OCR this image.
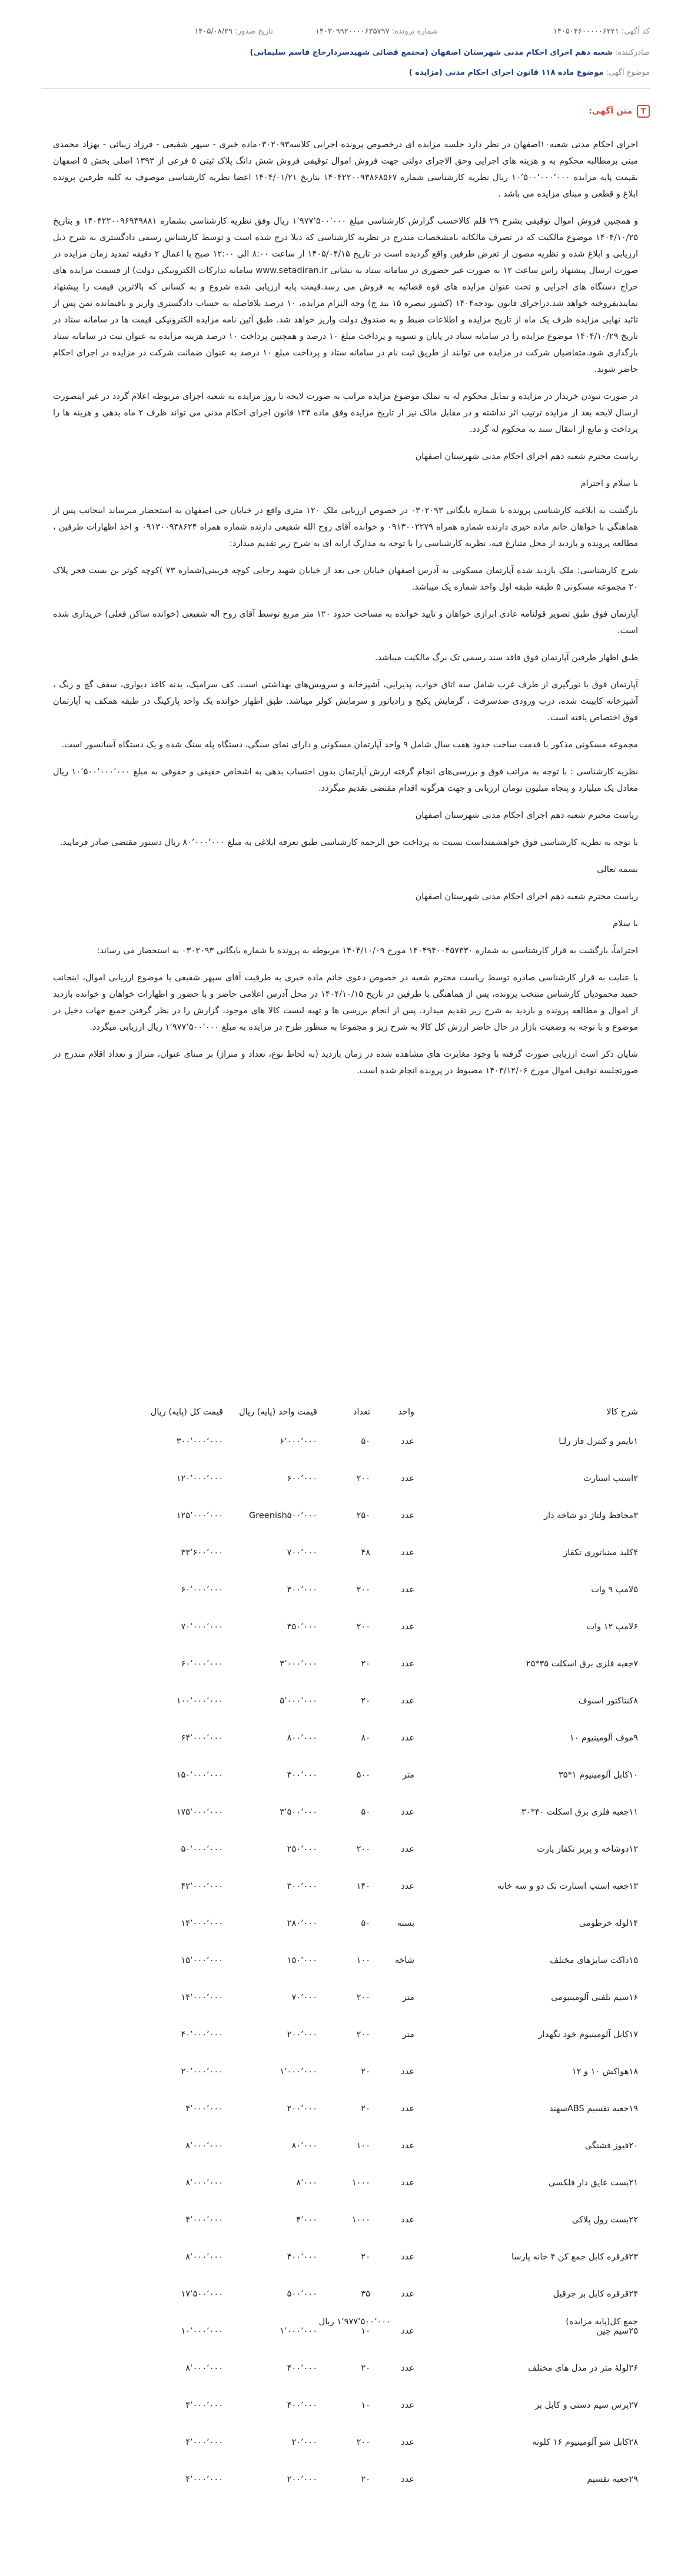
کد آگهی: ۱۴۰۵۰۴۶۰۰۰۰۰۶۲۲۱
شماره پرونده: ۱۴۰۳۰۹۹۲۰۰۰۰۶۳۵۷۹۷
تاریخ صدور: ۱۴۰۵/۰۸/۲۹
صادرکننده: شعبه دهم اجرای احکام مدنی شهرستان اصفهان (مجتمع قضائی شهیدسردارحاج قاسم سلیمانی)
موضوع آگهی: موضوع ماده ۱۱۸ قانون اجرای احکام مدنی (مزایده )
T
متن آگهی:

اجرای احکام مدنی شعبه۱۰اصفهان در نظر دارد جلسه مزایده ای درخصوص پرونده اجرایی کلاسه۰۳۰۲۰۹۳ماده خیری - سپهر شفیعی - فرزاد زیبائی - بهزاد محمدی مبنی برمطالبه محکوم به و هزینه های اجرایی وحق الاجرای دولتی جهت فروش اموال توقیفی فروش شش دانگ پلاک ثبتی ۵ فرعی از ۱۳۹۳ اصلی بخش ۵ اصفهان بقیمت پایه مزایده ۱۰٬۵۰۰٬۰۰۰٬۰۰۰ ریال نظریه کارشناسی شماره ۱۴۰۴۲۲۰۰۹۳۸۶۸۵۶۷ بتاریخ ۱۴۰۴/۰۱/۲۱ اعضا نظریه کارشناسی موصوف به کلیه طرفین پرونده ابلاغ و قطعی و مبنای مزایده می باشد .

و همچنین فروش اموال توقیفی بشرح ۲۹ قلم کالاحسب گزارش کارشناسی مبلغ ۱٬۹۷۷٬۵۰۰٬۰۰۰ ریال وفق نظریه کارشناسی بشماره ۱۴۰۴۲۲۰۰۹۶۹۴۹۸۸۱ و بتاریخ ۱۴۰۴/۱۰/۲۵ موضوع مالکیت که در تصرف مالکانه بامشخصات مندرج در نظریه کارشناسی که ذیلا درج شده است و توسط کارشناس رسمی دادگستری به شرح ذیل ارزیابی و ابلاغ شده و نظریه مصون از تعرض طرفین واقع گردیده است در تاریخ ۱۴۰۵/۰۴/۱۵ از ساعت ۸:۰۰ الی ۱۲:۰۰ صبح با اعمال ۲ دقیقه تمدید زمان مزایده در صورت ارسال پیشنهاد راس ساعت ۱۲ به صورت غیر حضوری در سامانه ستاد به نشانی www.setadiran.ir سامانه تدارکات الکترونیکی دولت) از قسمت مزایده های حراج دستگاه های اجرایی و تحت عنوان مزایده های قوه قضائیه به فروش می رسد.قیمت پایه ارزیابی شده شروع و به کسانی که بالاترین قیمت را پیشنهاد نمایندبفروخته خواهد شد.دراجرای قانون بودجه۱۴۰۴ (کشور تبصره ۱۵ بند ج) وجه التزام مزایده، ۱۰ درصد بلافاصله به حساب دادگستری واریز و باقیمانده ثمن پس از تائید نهایی مزایده ظرف یک ماه از تاریخ مزایده و اطلاعات ضبط و به صندوق دولت واریز خواهد شد. طبق آئین نامه مزایده الکترونیکی قیمت ها در سامانه ستاد در تاریخ ۱۴۰۴/۱۰/۲۹ موضوع مزایده را در سامانه ستاد در پایان و تسویه و پرداخت مبلغ ۱۰ درصد و همچنین پرداخت ۱۰ درصد هزینه مزایده به عنوان ثبت در سامانه ستاد بارگذاری شود.متقاضیان شرکت در مزایده می توانند از طریق ثبت نام در سامانه ستاد و پرداخت مبلغ ۱۰ درصد به عنوان ضمانت شرکت در مزایده در اجرای احکام حاضر شوند.

در صورت نبودن خریدار در مزایده و تمایل محکوم له به تملک موضوع مزایده مراتب به صورت لایحه تا روز مزایده به شعبه اجرای مربوطه اعلام گردد در غیر اینصورت ارسال لایحه بعد از مزایده ترتیب اثر نداشته و در مقابل مالک نیز از تاریخ مزایده وفق ماده ۱۳۴ قانون اجرای احکام مدنی می تواند ظرف ۲ ماه بدهی و هزینه ها را پرداخت و مانع از انتقال سند به محکوم له گردد.

ریاست محترم شعبه دهم اجرای احکام مدنی شهرستان اصفهان

با سلام و احترام

بازگشت به ابلاغیه کارشناسی پرونده با شماره بایگانی ۰۳۰۲۰۹۳ در خصوص ارزیابی ملک ۱۲۰ متری واقع در خیابان جی اصفهان به استحضار میرساند اینجانب پس از هماهنگی با خواهان خانم ماده خیری دارنده شماره همراه ۰۹۱۳۰۰۲۲۷۹ و خوانده آقای روح الله شفیعی دارنده شماره همراه ۰۹۱۳۰۰۹۳۸۶۲۴ و اخذ اظهارات طرفین ، مطالعه پرونده و بازدید از محل متنازع فیه، نظریه کارشناسی را با توجه به مدارک ارایه ای به شرح زیر تقدیم میدارد:

شرح کارشناسی: ملک بازدید شده آپارتمان مسکونی به آدرس اصفهان خیابان جی بعد از خیابان شهید رجایی کوچه فریبنی(شماره ۷۳ )کوچه کوثر بن بست فجر پلاک ۲۰ مجموعه مسکونی ۵ طبقه طبقه اول واحد شماره یک میباشد.

آپارتمان فوق طبق تصویر قولنامه عادی ابرازی خواهان و تایید خوانده به مساحت حدود ۱۲۰ متر مربع توسط آقای روح اله شفیعی (خوانده ساکن فعلی) خریداری شده است.

طبق اظهار طرفین آپارتمان فوق فاقد سند رسمی تک برگ مالکیت میباشد.

آپارتمان فوق با نورگیری از طرف غرب شامل سه اتاق خواب، پذیرایی، آشپزخانه و سرویس‌های بهداشتی است. کف سرامیک، بدنه کاغذ دیواری، سقف گچ و رنگ ، آشپزخانه کابینت شده، درب ورودی ضدسرقت ، گرمایش پکیج و رادیاتور و سرمایش کولر میباشد. طبق اظهار خوانده یک واحد پارکینگ در طبقه همکف به آپارتمان فوق اختصاص یافته است.

مجموعه مسکونی مذکور با قدمت ساخت حدود هفت سال شامل ۹ واحد آپارتمان مسکونی و دارای نمای سنگی، دستگاه پله سنگ شده و یک دستگاه آسانسور است.

نظریه کارشناسی : با توجه به مراتب فوق و بررسی‌های انجام گرفته ارزش آپارتمان بدون احتساب بدهی به اشخاص حقیقی و حقوقی به مبلغ ۱۰٬۵۰۰٬۰۰۰٬۰۰۰ ریال معادل یک میلیارد و پنجاه میلیون تومان ارزیابی و جهت هرگونه اقدام مقتضی تقدیم میگردد.

ریاست محترم شعبه دهم اجرای احکام مدنی شهرستان اصفهان

با توجه به نظریه کارشناسی فوق خواهشمنداست نسبت به پرداخت حق الزحمه کارشناسی طبق تعرفه ابلاغی به مبلغ ۸۰٬۰۰۰٬۰۰۰ ریال دستور مقتضی صادر فرمایید.

بسمه تعالی

ریاست محترم شعبه دهم اجرای احکام مدنی شهرستان اصفهان

با سلام

احتراماً، بازگشت به قرار کارشناسی به شماره ۱۴۰۴۹۴۰۰۴۵۷۳۳۰ مورخ ۱۴۰۴/۱۰/۰۹ مربوطه به پرونده با شماره بایگانی ۰۳۰۲۰۹۳ به استحضار می رساند:

با عنایت به قرار کارشناسی صادره توسط ریاست محترم شعبه در خصوص دعوی خانم ماده خیری به طرفیت آقای سپهر شفیعی با موضوع ارزیابی اموال، اینجانب حمید محمودیان کارشناس منتخب پرونده، پس از هماهنگی با طرفین در تاریخ ۱۴۰۴/۱۰/۱۵ در محل آدرس اعلامی حاضر و با حضور و اظهارات خواهان و خوانده بازدید از اموال و مطالعه پرونده و بازدید به شرح زیر تقدیم میدارد. پس از انجام بررسی ها و تهیه لیست کالا های موجود، گزارش را در نظر گرفتن جمیع جهات دخیل در موضوع و با توجه به وضعیت بازار در حال حاضر ارزش کل کالا به شرح زیر و مجموعا به منظور طرح در مزایده به مبلغ ۱٬۹۷۷٬۵۰۰٬۰۰۰ ریال ارزیابی میگردد.

شایان ذکر است ارزیابی صورت گرفته با وجود مغایرت های مشاهده شده در زمان بازدید (به لحاظ نوع، تعداد و متراژ) بر مبنای عنوان، متراژ و تعداد اقلام مندرج در صورتجلسه توقیف اموال مورخ ۱۴۰۳/۱۲/۰۶ مضبوط در پرونده انجام شده است.

شرح کالا
واحد
تعداد
قیمت واحد (پایه) ریال
قیمت کل (پایه) ریال
۱تایمر و کنترل فاز رلـا
عدد
۵۰
۶٬۰۰۰٬۰۰۰
۳۰۰٬۰۰۰٬۰۰۰
۲استپ استارت
عدد
۲۰۰
۶۰۰٬۰۰۰
۱۲۰٬۰۰۰٬۰۰۰
۳محافظ ولتاژ دو شاخه دار
عدد
۲۵۰
Greenish۵۰۰٬۰۰۰
۱۲۵٬۰۰۰٬۰۰۰
۴کلید مینیاتوری تکفاز
عدد
۴۸
۷۰۰٬۰۰۰
۳۳٬۶۰۰٬۰۰۰
۵لامپ ۹ وات
عدد
۲۰۰
۳۰۰٬۰۰۰
۶۰٬۰۰۰٬۰۰۰
۶لامپ ۱۲ وات
عدد
۲۰۰
۳۵۰٬۰۰۰
۷۰٬۰۰۰٬۰۰۰
۷جعبه فلزی برق اسکلت ۳۵*۲۵
عدد
۲۰
۳٬۰۰۰٬۰۰۰
۶۰٬۰۰۰٬۰۰۰
۸کنتاکتور اسنوف
عدد
۲۰
۵٬۰۰۰٬۰۰۰
۱۰۰٬۰۰۰٬۰۰۰
۹موف آلومینیوم ۱۰
عدد
۸۰
۸۰۰٬۰۰۰
۶۴٬۰۰۰٬۰۰۰
۱۰کابل آلومینیوم ۱*۳۵
متر
۵۰۰
۳۰۰٬۰۰۰
۱۵۰٬۰۰۰٬۰۰۰
۱۱جعبه فلزی برق اسکلت ۴۰*۳۰
عدد
۵۰
۳٬۵۰۰٬۰۰۰
۱۷۵٬۰۰۰٬۰۰۰
۱۲دوشاخه و پریز تکفاز پارت
عدد
۲۰۰
۲۵۰٬۰۰۰
۵۰٬۰۰۰٬۰۰۰
۱۳جعبه استپ استارت تک دو و سه خانه
عدد
۱۴۰
۳۰۰٬۰۰۰
۴۲٬۰۰۰٬۰۰۰
۱۴لوله خرطومی
بسته
۵۰
۲۸۰٬۰۰۰
۱۴٬۰۰۰٬۰۰۰
۱۵داکت سایزهای مختلف
شاخه
۱۰۰
۱۵۰٬۰۰۰
۱۵٬۰۰۰٬۰۰۰
۱۶سیم تلفنی آلومینیومی
متر
۲۰۰
۷۰٬۰۰۰
۱۴٬۰۰۰٬۰۰۰
۱۷کابل آلومینیوم خود نگهدار
متر
۲۰۰
۲۰۰٬۰۰۰
۴۰٬۰۰۰٬۰۰۰
۱۸هواکش ۱۰ و ۱۲
عدد
۲۰
۱٬۰۰۰٬۰۰۰
۲۰٬۰۰۰٬۰۰۰
۱۹جعبه تقسیم ABSسهند
عدد
۲۰
۲۰۰٬۰۰۰
۴٬۰۰۰٬۰۰۰
۲۰فیوز فشنگی
عدد
۱۰۰
۸۰٬۰۰۰
۸٬۰۰۰٬۰۰۰
۲۱بست عایق دار فلکسی
عدد
۱۰۰۰
۸٬۰۰۰
۸٬۰۰۰٬۰۰۰
۲۲بست رول پلاکی
عدد
۱۰۰۰
۴٬۰۰۰
۴٬۰۰۰٬۰۰۰
۲۳قرقره کابل جمع کن ۴ خانه پارسا
عدد
۲۰
۴۰۰٬۰۰۰
۸٬۰۰۰٬۰۰۰
۲۴قرقره کابل بر جرقیل
عدد
۳۵
۵۰۰٬۰۰۰
۱۷٬۵۰۰٬۰۰۰
۲۵سیم چین
عدد
۱۰
۱٬۰۰۰٬۰۰۰
۱۰٬۰۰۰٬۰۰۰
۲۶لولهٔ متر در مدل های مختلف
عدد
۲۰
۴۰۰٬۰۰۰
۸٬۰۰۰٬۰۰۰
۲۷پرس سیم دستی و کابل بر
عدد
۱۰
۴۰۰٬۰۰۰
۴٬۰۰۰٬۰۰۰
۲۸کابل شو آلومینیوم ۱۶ کلوته
عدد
۲۰۰
۲۰٬۰۰۰
۴٬۰۰۰٬۰۰۰
۲۹جعبه تقسیم
عدد
۲۰
۲۰۰٬۰۰۰
۴٬۰۰۰٬۰۰۰
جمع کل(پایه مزایده)
۱٬۹۷۷٬۵۰۰٬۰۰۰ ریال
